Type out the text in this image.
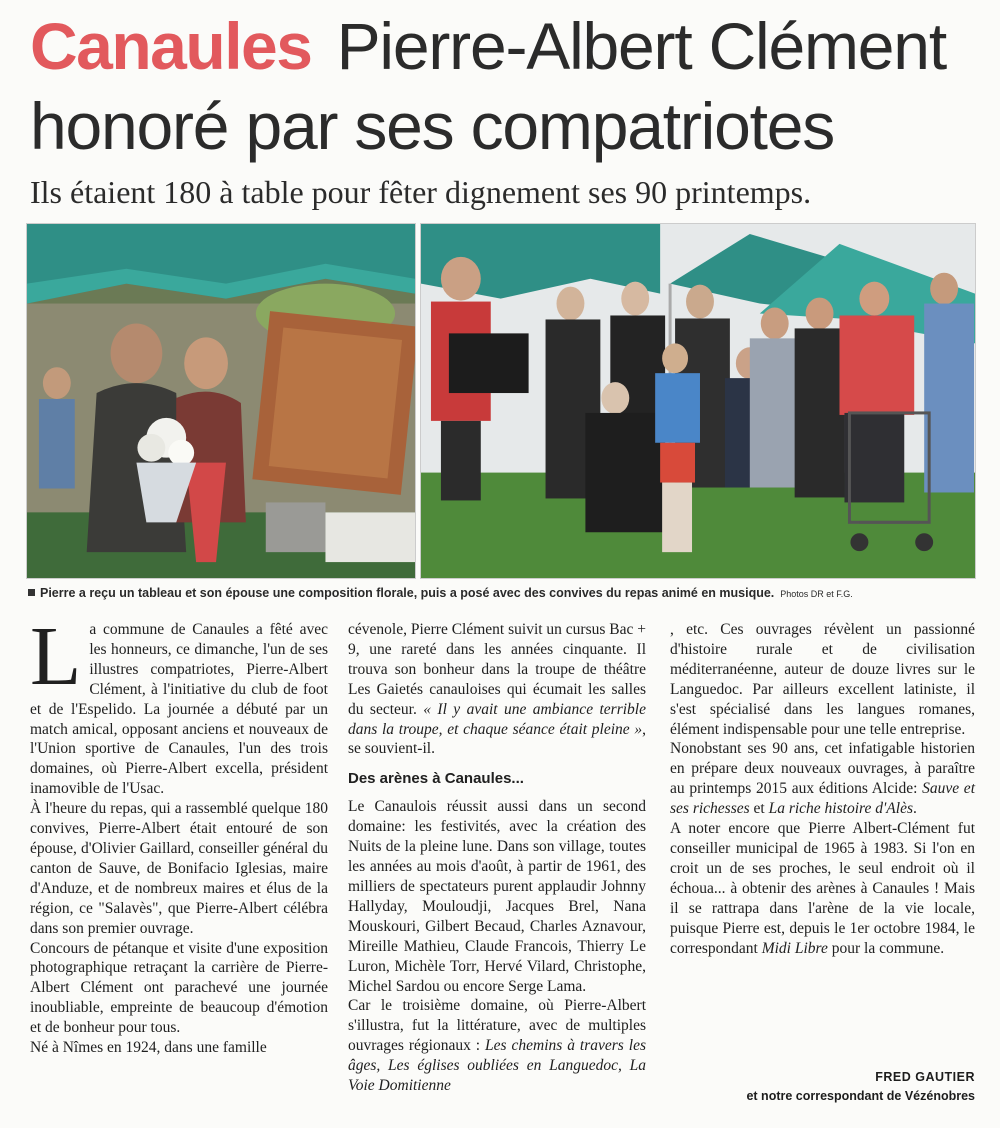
Canaules Pierre-Albert Clément honoré par ses compatriotes
Ils étaient 180 à table pour fêter dignement ses 90 printemps.
Pierre a reçu un tableau et son épouse une composition florale, puis a posé avec des convives du repas animé en musique. Photos DR et F.G.

La commune de Canaules a fêté avec les honneurs, ce dimanche, l'un de ses illustres compatriotes, Pierre-Albert Clément, à l'initiative du club de foot et de l'Espelido. La journée a débuté par un match amical, opposant anciens et nouveaux de l'Union sportive de Canaules, l'un des trois domaines, où Pierre-Albert excella, président inamovible de l'Usac.

À l'heure du repas, qui a rassemblé quelque 180 convives, Pierre-Albert était entouré de son épouse, d'Olivier Gaillard, conseiller général du canton de Sauve, de Bonifacio Iglesias, maire d'Anduze, et de nombreux maires et élus de la région, ce "Salavès", que Pierre-Albert célébra dans son premier ouvrage.

Concours de pétanque et visite d'une exposition photographique retraçant la carrière de Pierre-Albert Clément ont parachevé une journée inoubliable, empreinte de beaucoup d'émotion et de bonheur pour tous.

Né à Nîmes en 1924, dans une famille

cévenole, Pierre Clément suivit un cursus Bac + 9, une rareté dans les années cinquante. Il trouva son bonheur dans la troupe de théâtre Les Gaietés canauloises qui écumait les salles du secteur. « Il y avait une ambiance terrible dans la troupe, et chaque séance était pleine », se souvient-il.

Des arènes à Canaules...

Le Canaulois réussit aussi dans un second domaine: les festivités, avec la création des Nuits de la pleine lune. Dans son village, toutes les années au mois d'août, à partir de 1961, des milliers de spectateurs purent applaudir Johnny Hallyday, Mouloudji, Jacques Brel, Nana Mouskouri, Gilbert Becaud, Charles Aznavour, Mireille Mathieu, Claude Francois, Thierry Le Luron, Michèle Torr, Hervé Vilard, Christophe, Michel Sardou ou encore Serge Lama.

Car le troisième domaine, où Pierre-Albert s'illustra, fut la littérature, avec de multiples ouvrages régionaux : Les chemins à travers les âges, Les églises oubliées en Languedoc, La Voie Domitienne

, etc. Ces ouvrages révèlent un passionné d'histoire rurale et de civilisation méditerranéenne, auteur de douze livres sur le Languedoc. Par ailleurs excellent latiniste, il s'est spécialisé dans les langues romanes, élément indispensable pour une telle entreprise.

Nonobstant ses 90 ans, cet infatigable historien en prépare deux nouveaux ouvrages, à paraître au printemps 2015 aux éditions Alcide: Sauve et ses richesses et La riche histoire d'Alès.

A noter encore que Pierre Albert-Clément fut conseiller municipal de 1965 à 1983. Si l'on en croit un de ses proches, le seul endroit où il échoua... à obtenir des arènes à Canaules ! Mais il se rattrapa dans l'arène de la vie locale, puisque Pierre est, depuis le 1er octobre 1984, le correspondant Midi Libre pour la commune.

FRED GAUTIER
et notre correspondant de Vézénobres
